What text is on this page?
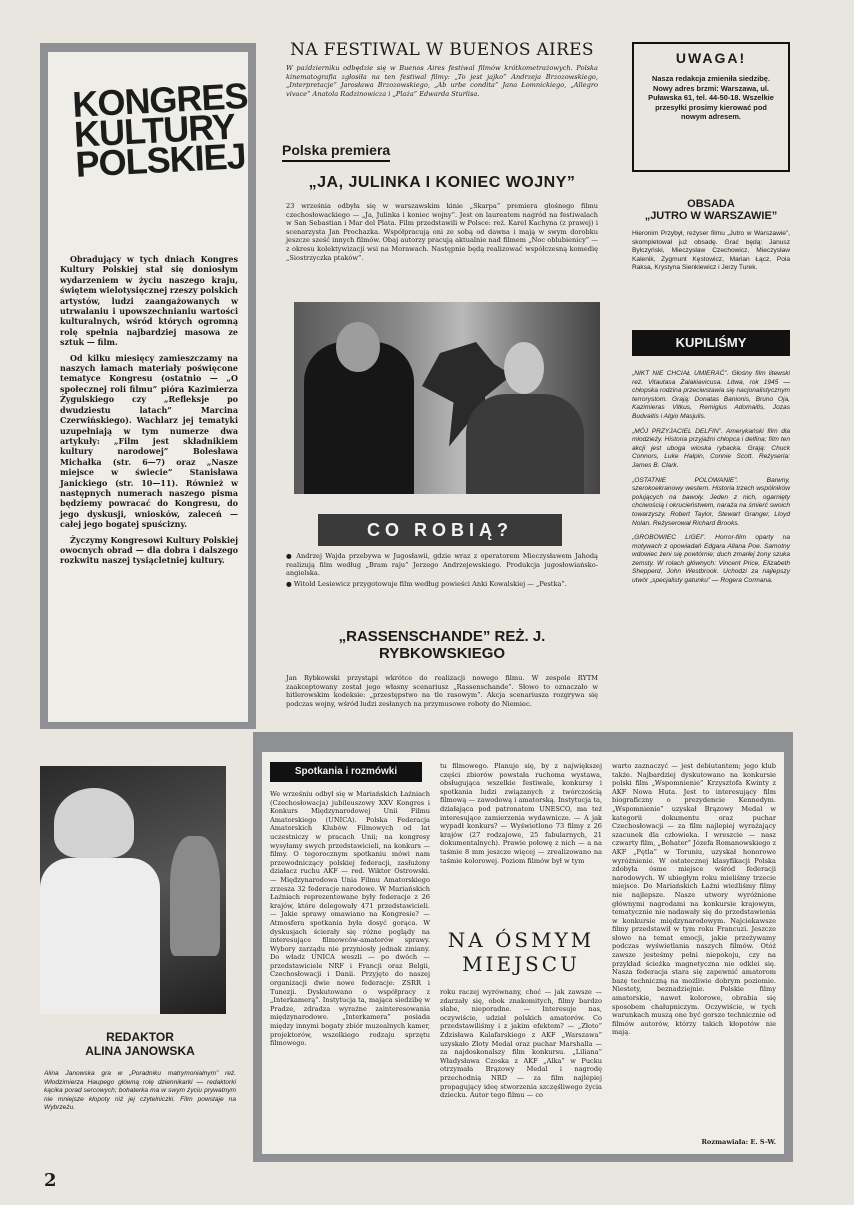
KONGRES KULTURY POLSKIEJ

Obradujący w tych dniach Kongres Kultury Polskiej stał się doniosłym wydarzeniem w życiu naszego kraju, świętem wielotysięcznej rzeszy polskich artystów, ludzi zaangażowanych w utrwalaniu i upowszechnianiu wartości kulturalnych, wśród których ogromną rolę spełnia najbardziej masowa ze sztuk — film.

Od kilku miesięcy zamieszczamy na naszych łamach materiały poświęcone tematyce Kongresu (ostatnio — „O społecznej roli filmu” pióra Kazimierza Żygulskiego czy „Refleksje po dwudziestu latach” Marcina Czerwińskiego). Wachlarz jej tematyki uzupełniają w tym numerze dwa artykuły: „Film jest składnikiem kultury narodowej” Bolesława Michałka (str. 6—7) oraz „Nasze miejsce w świecie” Stanisława Janickiego (str. 10—11). Również w następnych numerach naszego pisma będziemy powracać do Kongresu, do jego dyskusji, wniosków, zaleceń — całej jego bogatej spuścizny.

Życzymy Kongresowi Kultury Polskiej owocnych obrad — dla dobra i dalszego rozkwitu naszej tysiącletniej kultury.

NA FESTIWAL W BUENOS AIRES
W październiku odbędzie się w Buenos Aires festiwal filmów krótkometrażowych. Polska kinematografia zgłosiła na ten festiwal filmy: „To jest jajko” Andrzeja Brzozowskiego, „Interpretacje” Jarosława Brzozowskiego, „Ab urbe condita” Jana Łomnickiego, „Allegro vivace” Anatola Radzinowicza i „Plaża” Edwarda Sturlisa.
Polska premiera
„JA, JULINKA I KONIEC WOJNY”
23 września odbyła się w warszawskim kinie „Skarpa” premiera głośnego filmu czechosłowackiego — „Ja, Julinka i koniec wojny”. Jest on laureatem nagród na festiwalach w San Sebastian i Mar del Plata. Film przedstawili w Polsce: reż. Karel Kachyna (z prawej) i scenarzysta Jan Prochazka. Współpracują oni ze sobą od dawna i mają w swym dorobku jeszcze sześć innych filmów. Obaj autorzy pracują aktualnie nad filmem „Noc oblubienicy” — z okresu kolektywizacji wsi na Morawach. Następnie będą realizować współczesną komedię „Siostrzyczka ptaków”.
CO ROBIĄ?

● Andrzej Wajda przebywa w Jugosławii, gdzie wraz z operatorem Mieczysławem Jahodą realizują film według „Bram raju” Jerzego Andrzejewskiego. Produkcja jugosłowiańsko-angielska.

● Witold Lesiewicz przygotowuje film według powieści Anki Kowalskiej — „Pestka”.

„RASSENSCHANDE” REŻ. J. RYBKOWSKIEGO
Jan Rybkowski przystąpi wkrótce do realizacji nowego filmu. W zespole RYTM zaakceptowany został jego własny scenariusz „Rassenschande”. Słowo to oznaczało w hitlerowskim kodeksie: „przestępstwo na tle rasowym”. Akcja scenariusza rozgrywa się podczas wojny, wśród ludzi zesłanych na przymusowe roboty do Niemiec.
UWAGA!
Nasza redakcja zmieniła siedzibę. Nowy adres brzmi: Warszawa, ul. Puławska 61, tel. 44-50-18. Wszelkie przesyłki prosimy kierować pod nowym adresem.
OBSADA
„JUTRO W WARSZAWIE”
Hieronim Przybył, reżyser filmu „Jutro w Warszawie”, skompletował już obsadę. Grać będą: Janusz Bylczyński, Mieczysław Czechowicz, Mieczysław Kalenik, Zygmunt Kęstowicz, Marian Łącz, Pola Raksa, Krystyna Sienkiewicz i Jerzy Turek.
KUPILIŚMY

„NIKT NIE CHCIAŁ UMIERAĆ”. Głośny film litewski reż. Vitautasa Żalakiavicusa. Litwa, rok 1945 — chłopska rodzina przeciwstawia się nacjonalistycznym terrorystom. Grają: Donatas Banionis, Bruno Oja, Kazimieras Vitkus, Remigius Adomaitis, Jozas Budvaitis i Algio Masjulis.

„MÓJ PRZYJACIEL DELFIN”. Amerykański film dla młodzieży. Historia przyjaźni chłopca i delfina; film ten akcji jest uboga wioska rybacka. Grają: Chuck Connors, Luke Halpin, Connie Scott. Reżyseria: James B. Clark.

„OSTATNIE POLOWANIE”. Barwny, szerokoekranowy western. Historia trzech wspólników polujących na bawoły. Jeden z nich, ogarnięty chciwością i okrucieństwem, naraża na śmierć swoich towarzyszy. Robert Taylor, Stewart Granger, Lloyd Nolan. Reżyserował Richard Brooks.

„GROBOWIEC LIGEI”. Horror-film oparty na motywach z opowiadań Edgara Allana Poe. Samotny wdowiec żeni się powtórnie; duch zmarłej żony szuka zemsty. W rolach głównych: Vincent Price, Elizabeth Shepperd, John Westbrook. Uchodzi za najlepszy utwór „specjalisty gatunku” — Rogera Cormana.

REDAKTOR
ALINA JANOWSKA
Alina Janowska gra w „Poradniku matrymonialnym” reż. Włodzimierza Haupego główną rolę dziennikarki — redaktorki kącika porad sercowych; bohaterka ma w swym życiu prywatnym nie mniejsze kłopoty niż jej czytelniczki. Film powstaje na Wybrzeżu.
2
Spotkania i rozmówki
We wrześniu odbył się w Mariańskich Łaźniach (Czechosłowacja) jubileuszowy XXV Kongres i Konkurs Międzynarodowej Unii Filmu Amatorskiego (UNICA). Polska Federacja Amatorskich Klubów Filmowych od lat uczestniczy w pracach Unii; na kongresy wysyłamy swych przedstawicieli, na konkurs — filmy. O tegorocznym spotkaniu mówi nam przewodniczący polskiej federacji, zasłużony działacz ruchu AKF — red. Wiktor Ostrowski. — Międzynarodowa Unia Filmu Amatorskiego zrzesza 32 federacje narodowe. W Mariańskich Łaźniach reprezentowane były federacje z 26 krajów, które delegowały 471 przedstawicieli. — Jakie sprawy omawiano na Kongresie? — Atmosfera spotkania była dosyć gorąca. W dyskusjach ścierały się różne poglądy na interesujące filmowców-amatorów sprawy. Wybory zarządu nie przyniosły jednak zmiany. Do władz UNICA weszli — po dwóch — przedstawiciele NRF i Francji oraz Belgii, Czechosłowacji i Danii. Przyjęto do naszej organizacji dwie nowe federacje: ZSRR i Tunezji. Dyskutowano o współpracy z „Interkamerą”. Instytucja ta, mająca siedzibę w Pradze, zdradza wyraźne zainteresowania międzynarodowe. „Interkamera” posiada między innymi bogaty zbiór muzealnych kamer, projektorów, wszelkiego rodzaju sprzętu filmowego.
tu filmowego. Planuje się, by z największej części zbiorów powstała ruchoma wystawa, obsługująca wszelkie festiwale, konkursy i spotkania ludzi związanych z twórczością filmową — zawodową i amatorską. Instytucja ta, działająca pod patronatem UNESCO, ma też interesujące zamierzenia wydawnicze. — A jak wypadł konkurs? — Wyświetlono 73 filmy z 26 krajów (27 rodzajowe, 25 fabularnych, 21 dokumentalnych). Prawie połowę z nich — a na taśmie 8 mm jeszcze więcej — zrealizowano na taśmie kolorowej. Poziom filmów był w tym
NA ÓSMYM MIEJSCU
roku raczej wyrównany, choć — jak zawsze — zdarzały się, obok znakomitych, filmy bardzo słabe, nieporadne. — Interesuje nas, oczywiście, udział polskich amatorów. Co przedstawiliśmy i z jakim efektem? — „Złoto” Zdzisława Kalafarskiego z AKF „Warszawa” uzyskało Złoty Medal oraz puchar Marshalla — za najdoskonalszy film konkursu. „Liliana” Władysława Czoska z AKF „Alka” w Pucku otrzymała Brązowy Medal i nagrodę przechodnią NRD — za film najlepiej propagujący ideę stworzenia szczęśliwego życia dziecku. Autor tego filmu — co
warto zaznaczyć — jest debiutantem; jego klub także. Najbardziej dyskutowano na konkursie polski film „Wspomnienie” Krzysztofa Kwinty z AKF Nowa Huta. Jest to interesujący film biograficzny o prezydencie Kennedym. „Wspomnienie” uzyskał Brązowy Medal w kategorii dokumentu oraz puchar Czechosłowacji — za film najlepiej wyrażający szacunek dla człowieka. I wreszcie — nasz czwarty film, „Bohater” Józefa Romanowskiego z AKF „Pętla” w Toruniu, uzyskał honorowe wyróżnienie. W ostatecznej klasyfikacji Polska zdobyła ósme miejsce wśród federacji narodowych. W ubiegłym roku mieliśmy trzecie miejsce. Do Mariańskich Łaźni wieźliśmy filmy nie najlepsze. Nasze utwory wyróżnione głównymi nagrodami na konkursie krajowym, tematycznie nie nadawały się do przedstawienia w konkursie międzynarodowym. Najciekawsze filmy przedstawił w tym roku Francuzi. Jeszcze słowo na temat emocji, jakie przeżywamy podczas wyświetlania naszych filmów. Otóż zawsze jesteśmy pełni niepokoju, czy na przykład ścieżka magnetyczna nie odklei się. Nasza federacja stara się zapewnić amatorom bazę techniczną na możliwie dobrym poziomie. Niestety, beznadziejnie. Polskie filmy amatorskie, nawet kolorowe, obrabia się sposobem chałupniczym. Oczywiście, w tych warunkach muszą one być gorsze technicznie od filmów autorów, którzy takich kłopotów nie mają.
Rozmawiała: E. S-W.
